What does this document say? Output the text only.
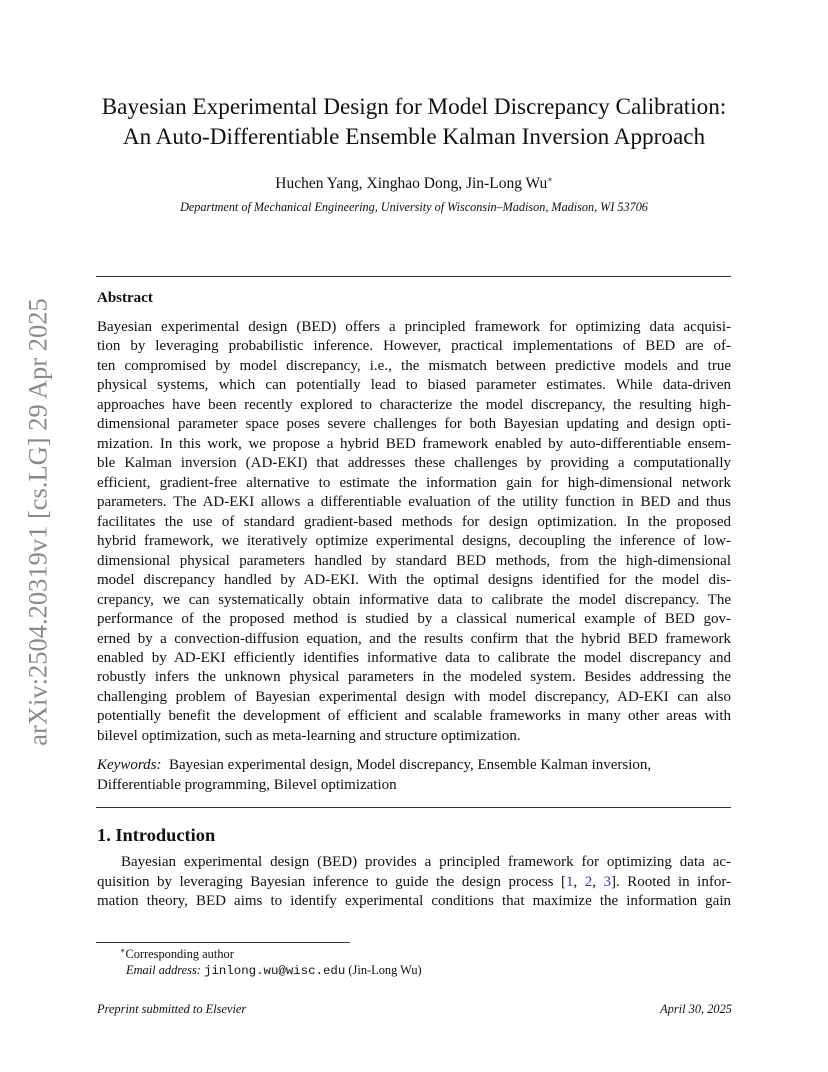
arXiv:2504.20319v1 [cs.LG] 29 Apr 2025
Bayesian Experimental Design for Model Discrepancy Calibration:
An Auto-Differentiable Ensemble Kalman Inversion Approach
Huchen Yang, Xinghao Dong, Jin-Long Wu∗
Department of Mechanical Engineering, University of Wisconsin–Madison, Madison, WI 53706
Abstract
Bayesian experimental design (BED) offers a principled framework for optimizing data acquisi-
tion by leveraging probabilistic inference. However, practical implementations of BED are of-
ten compromised by model discrepancy, i.e., the mismatch between predictive models and true
physical systems, which can potentially lead to biased parameter estimates. While data-driven
approaches have been recently explored to characterize the model discrepancy, the resulting high-
dimensional parameter space poses severe challenges for both Bayesian updating and design opti-
mization. In this work, we propose a hybrid BED framework enabled by auto-differentiable ensem-
ble Kalman inversion (AD-EKI) that addresses these challenges by providing a computationally
efficient, gradient-free alternative to estimate the information gain for high-dimensional network
parameters. The AD-EKI allows a differentiable evaluation of the utility function in BED and thus
facilitates the use of standard gradient-based methods for design optimization. In the proposed
hybrid framework, we iteratively optimize experimental designs, decoupling the inference of low-
dimensional physical parameters handled by standard BED methods, from the high-dimensional
model discrepancy handled by AD-EKI. With the optimal designs identified for the model dis-
crepancy, we can systematically obtain informative data to calibrate the model discrepancy. The
performance of the proposed method is studied by a classical numerical example of BED gov-
erned by a convection-diffusion equation, and the results confirm that the hybrid BED framework
enabled by AD-EKI efficiently identifies informative data to calibrate the model discrepancy and
robustly infers the unknown physical parameters in the modeled system. Besides addressing the
challenging problem of Bayesian experimental design with model discrepancy, AD-EKI can also
potentially benefit the development of efficient and scalable frameworks in many other areas with
bilevel optimization, such as meta-learning and structure optimization.
Keywords: Bayesian experimental design, Model discrepancy, Ensemble Kalman inversion,
Differentiable programming, Bilevel optimization
1. Introduction
Bayesian experimental design (BED) provides a principled framework for optimizing data ac-
quisition by leveraging Bayesian inference to guide the design process [1, 2, 3]. Rooted in infor-
mation theory, BED aims to identify experimental conditions that maximize the information gain
∗Corresponding author
Email address: jinlong.wu@wisc.edu (Jin-Long Wu)
Preprint submitted to Elsevier	April 30, 2025
